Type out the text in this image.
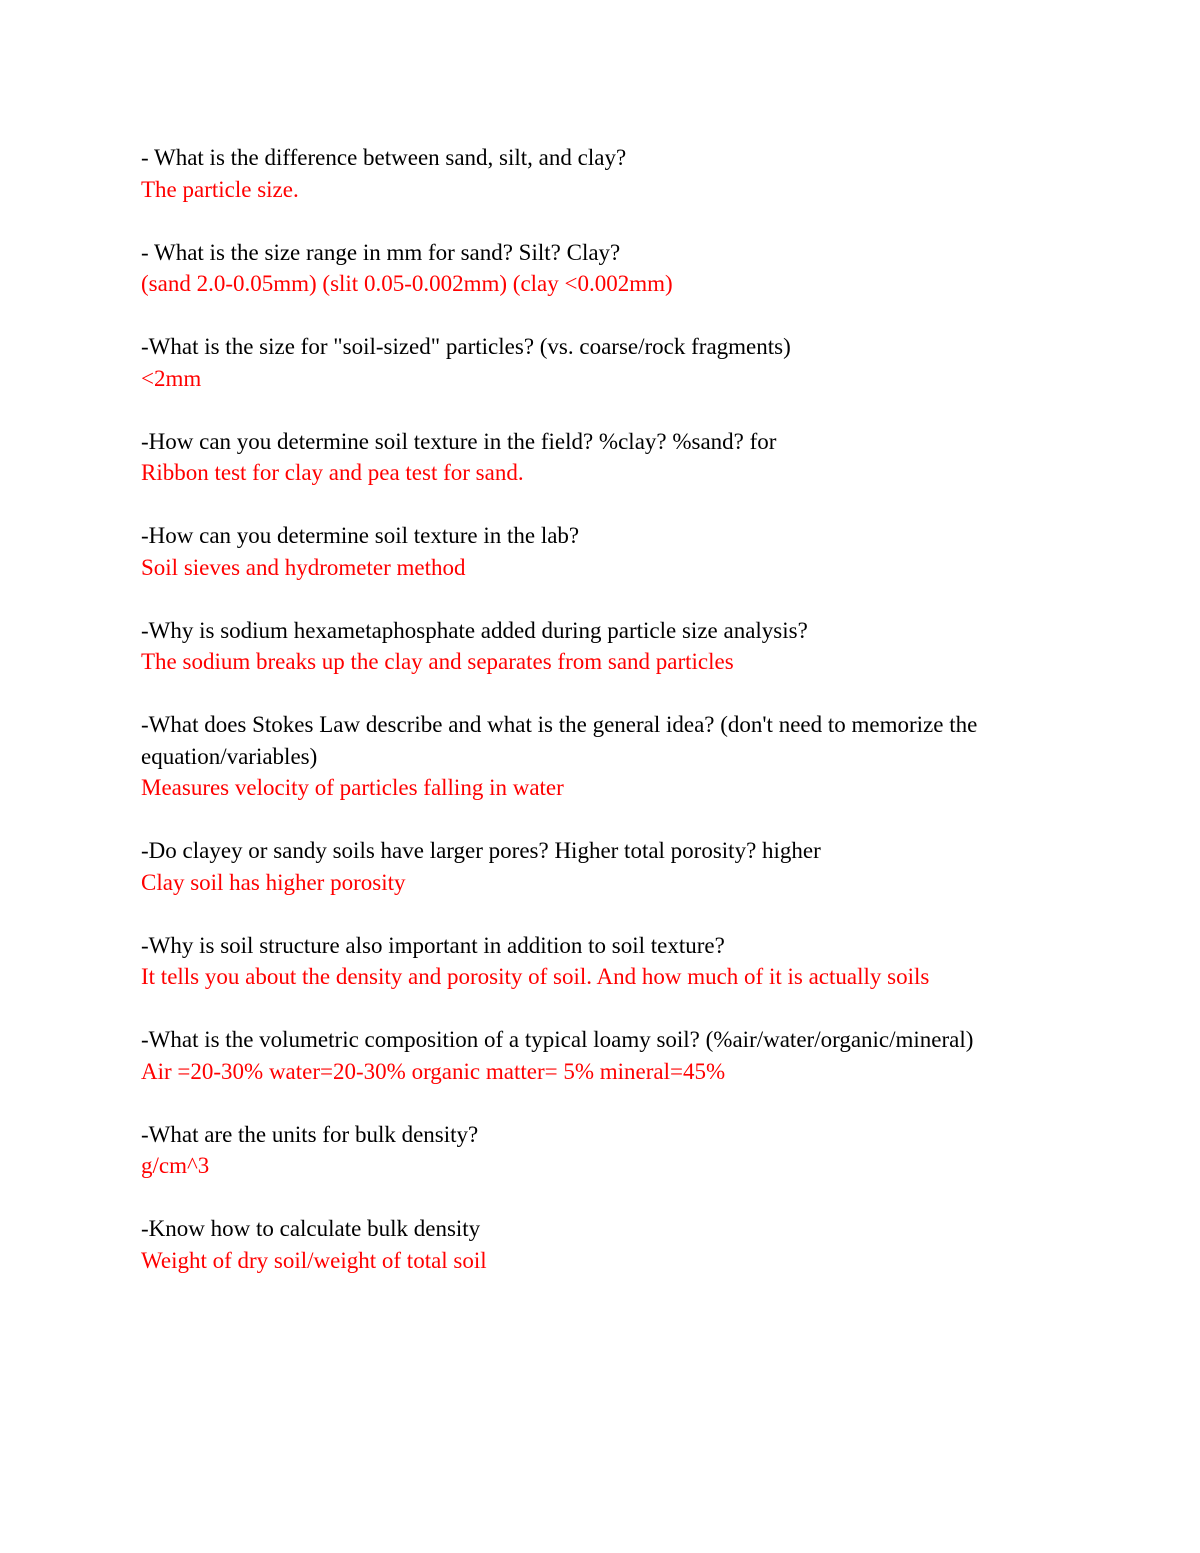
- What is the difference between sand, silt, and clay?
The particle size.
- What is the size range in mm for sand? Silt? Clay?
(sand 2.0-0.05mm) (slit 0.05-0.002mm) (clay <0.002mm)
-What is the size for "soil-sized" particles? (vs. coarse/rock fragments)
<2mm
-How can you determine soil texture in the field? %clay? %sand? for
Ribbon test for clay and pea test for sand.
-How can you determine soil texture in the lab?
Soil sieves and hydrometer method
-Why is sodium hexametaphosphate added during particle size analysis?
The sodium breaks up the clay and separates from sand particles
-What does Stokes Law describe and what is the general idea? (don't need to memorize the equation/variables)
Measures velocity of particles falling in water
-Do clayey or sandy soils have larger pores? Higher total porosity? higher
Clay soil has higher porosity
-Why is soil structure also important in addition to soil texture?
It tells you about the density and porosity of soil. And how much of it is actually soils
-What is the volumetric composition of a typical loamy soil? (%air/water/organic/mineral)
Air =20-30% water=20-30% organic matter= 5% mineral=45%
-What are the units for bulk density?
g/cm^3
-Know how to calculate bulk density
Weight of dry soil/weight of total soil
